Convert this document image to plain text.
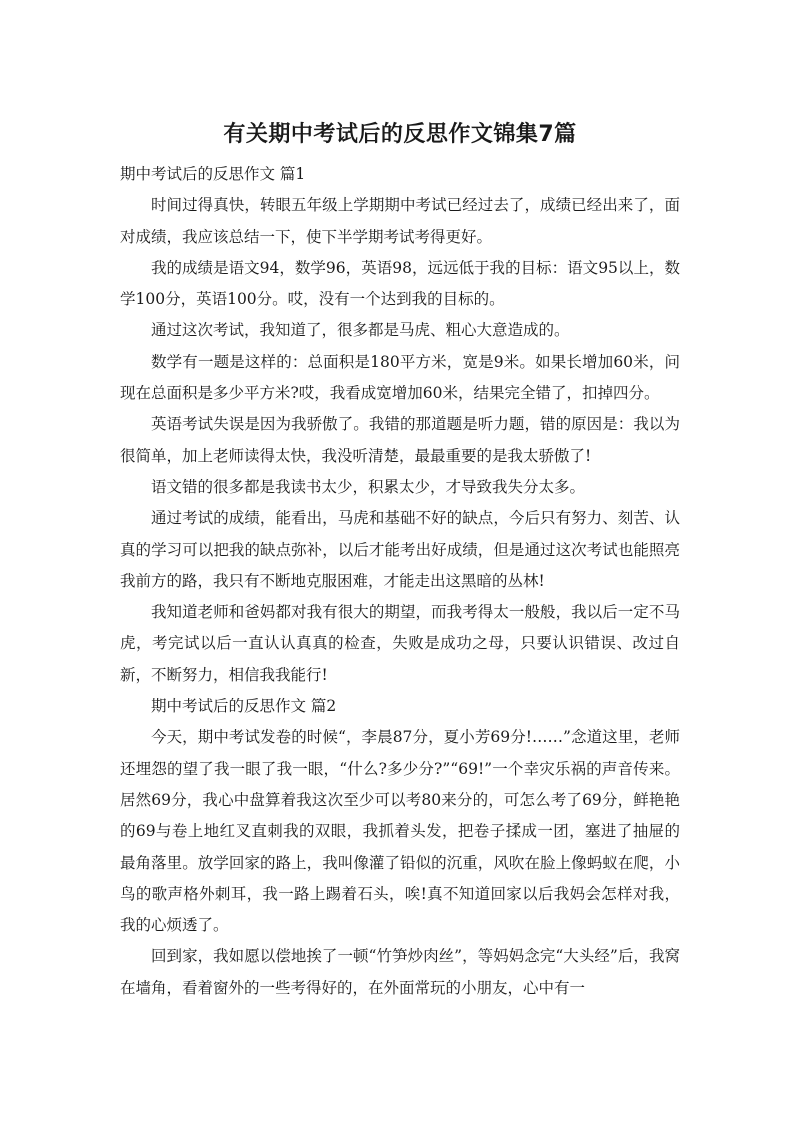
有关期中考试后的反思作文锦集7篇

期中考试后的反思作文 篇1

时间过得真快，转眼五年级上学期期中考试已经过去了，成绩已经出来了，面对成绩，我应该总结一下，使下半学期考试考得更好。

我的成绩是语文94，数学96，英语98，远远低于我的目标：语文95以上，数学100分，英语100分。哎，没有一个达到我的目标的。

通过这次考试，我知道了，很多都是马虎、粗心大意造成的。

数学有一题是这样的：总面积是180平方米，宽是9米。如果长增加60米，问现在总面积是多少平方米?哎，我看成宽增加60米，结果完全错了，扣掉四分。

英语考试失误是因为我骄傲了。我错的那道题是听力题，错的原因是：我以为很简单，加上老师读得太快，我没听清楚，最最重要的是我太骄傲了!

语文错的很多都是我读书太少，积累太少，才导致我失分太多。

通过考试的成绩，能看出，马虎和基础不好的缺点，今后只有努力、刻苦、认真的学习可以把我的缺点弥补，以后才能考出好成绩，但是通过这次考试也能照亮我前方的路，我只有不断地克服困难，才能走出这黑暗的丛林!

我知道老师和爸妈都对我有很大的期望，而我考得太一般般，我以后一定不马虎，考完试以后一直认认真真的检查，失败是成功之母，只要认识错误、改过自新，不断努力，相信我我能行!

期中考试后的反思作文 篇2

今天，期中考试发卷的时候“，李晨87分，夏小芳69分!……”念道这里，老师还埋怨的望了我一眼了我一眼，“什么?多少分?”“69!”一个幸灾乐祸的声音传来。居然69分，我心中盘算着我这次至少可以考80来分的，可怎么考了69分，鲜艳艳的69与卷上地红叉直刺我的双眼，我抓着头发，把卷子揉成一团，塞进了抽屉的最角落里。放学回家的路上，我叫像灌了铅似的沉重，风吹在脸上像蚂蚁在爬，小鸟的歌声格外刺耳，我一路上踢着石头，唉!真不知道回家以后我妈会怎样对我，我的心烦透了。

回到家，我如愿以偿地挨了一顿“竹笋炒肉丝”，等妈妈念完“大头经”后，我窝在墙角，看着窗外的一些考得好的，在外面常玩的小朋友，心中有一
